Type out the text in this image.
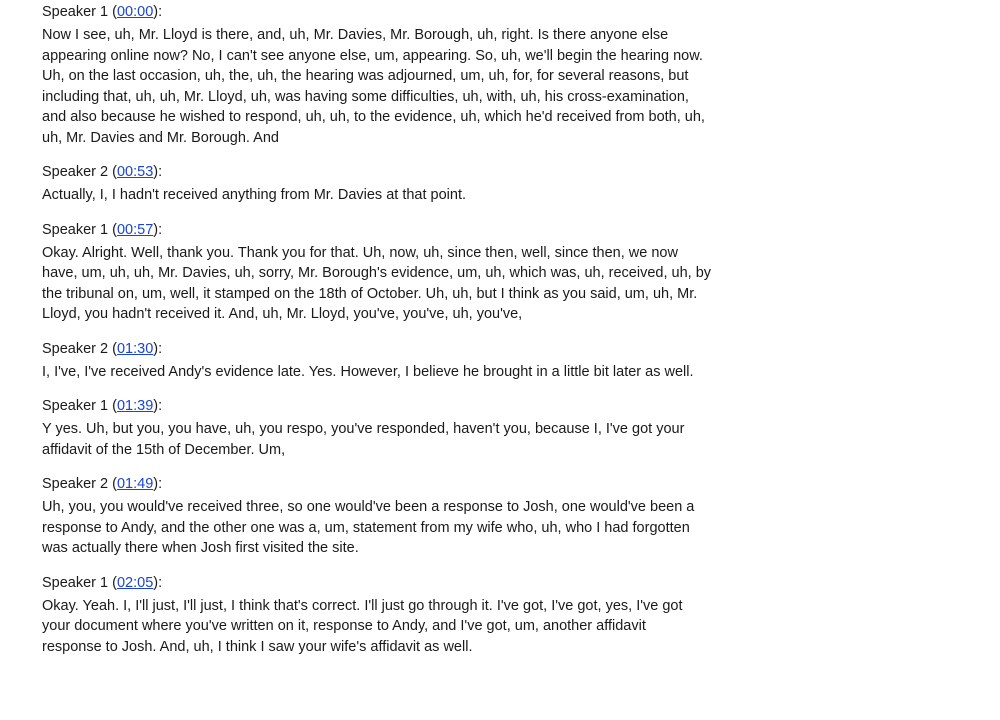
Speaker 1 (00:00):
Now I see, uh, Mr. Lloyd is there, and, uh, Mr. Davies, Mr. Borough, uh, right. Is there anyone else
appearing online now? No, I can't see anyone else, um, appearing. So, uh, we'll begin the hearing now.
Uh, on the last occasion, uh, the, uh, the hearing was adjourned, um, uh, for, for several reasons, but
including that, uh, uh, Mr. Lloyd, uh, was having some difficulties, uh, with, uh, his cross-examination,
and also because he wished to respond, uh, uh, to the evidence, uh, which he'd received from both, uh,
uh, Mr. Davies and Mr. Borough. And
Speaker 2 (00:53):
Actually, I, I hadn't received anything from Mr. Davies at that point.
Speaker 1 (00:57):
Okay. Alright. Well, thank you. Thank you for that. Uh, now, uh, since then, well, since then, we now
have, um, uh, uh, Mr. Davies, uh, sorry, Mr. Borough's evidence, um, uh, which was, uh, received, uh, by
the tribunal on, um, well, it stamped on the 18th of October. Uh, uh, but I think as you said, um, uh, Mr.
Lloyd, you hadn't received it. And, uh, Mr. Lloyd, you've, you've, uh, you've,
Speaker 2 (01:30):
I, I've, I've received Andy's evidence late. Yes. However, I believe he brought in a little bit later as well.
Speaker 1 (01:39):
Y yes. Uh, but you, you have, uh, you respo, you've responded, haven't you, because I, I've got your
affidavit of the 15th of December. Um,
Speaker 2 (01:49):
Uh, you, you would've received three, so one would've been a response to Josh, one would've been a
response to Andy, and the other one was a, um, statement from my wife who, uh, who I had forgotten
was actually there when Josh first visited the site.
Speaker 1 (02:05):
Okay. Yeah. I, I'll just, I'll just, I think that's correct. I'll just go through it. I've got, I've got, yes, I've got
your document where you've written on it, response to Andy, and I've got, um, another affidavit
response to Josh. And, uh, I think I saw your wife's affidavit as well.
